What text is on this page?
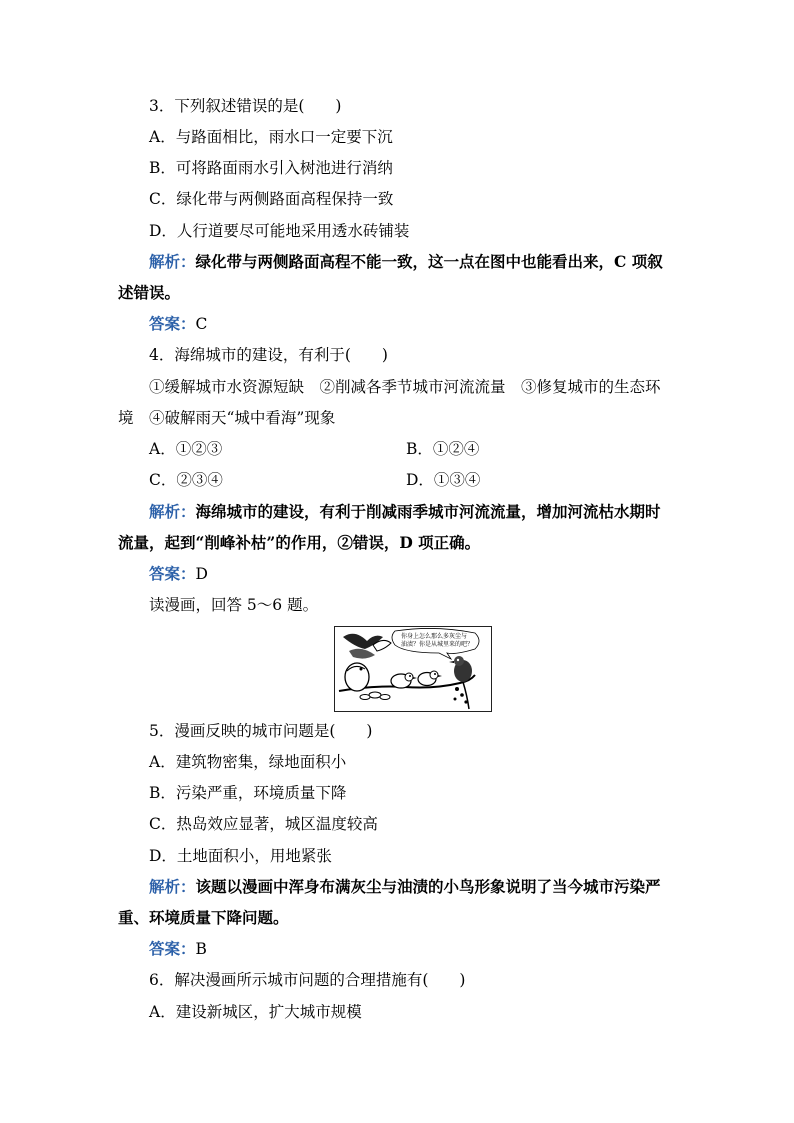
3．下列叙述错误的是(　　)
A．与路面相比，雨水口一定要下沉
B．可将路面雨水引入树池进行消纳
C．绿化带与两侧路面高程保持一致
D．人行道要尽可能地采用透水砖铺装
解析：绿化带与两侧路面高程不能一致，这一点在图中也能看出来，C 项叙
述错误。
答案：C
4．海绵城市的建设，有利于(　　)
①缓解城市水资源短缺　②削减各季节城市河流流量　③修复城市的生态环
境　④破解雨天“城中看海”现象
A．①②③	B．①②④
C．②③④	D．①③④
解析：海绵城市的建设，有利于削减雨季城市河流流量，增加河流枯水期时
流量，起到“削峰补枯”的作用，②错误，D 项正确。
答案：D
读漫画，回答 5～6 题。
你身上怎么那么多灰尘与
油渍？你是从城里来的吧？
5．漫画反映的城市问题是(　　)
A．建筑物密集，绿地面积小
B．污染严重，环境质量下降
C．热岛效应显著，城区温度较高
D．土地面积小，用地紧张
解析：该题以漫画中浑身布满灰尘与油渍的小鸟形象说明了当今城市污染严
重、环境质量下降问题。
答案：B
6．解决漫画所示城市问题的合理措施有(　　)
A．建设新城区，扩大城市规模
